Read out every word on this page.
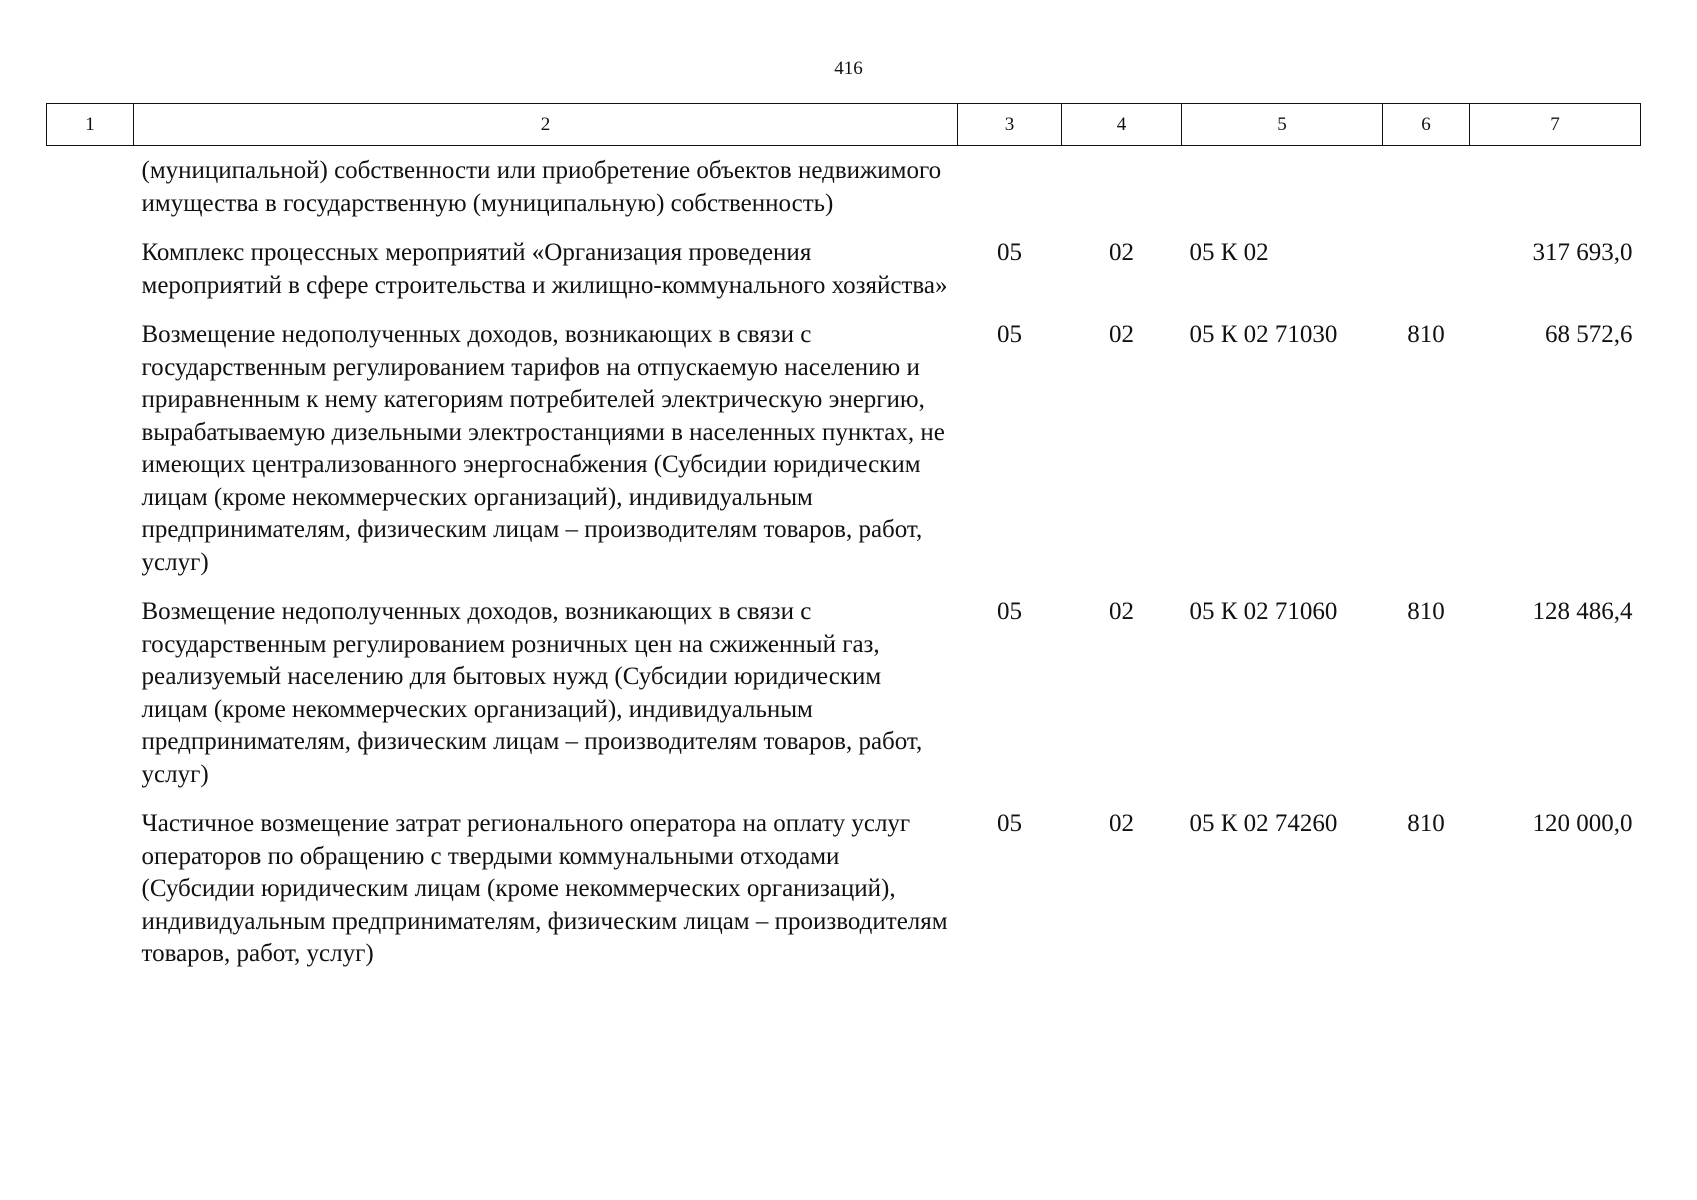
416
1	2	3	4	5	6	7
	(муниципальной) собственности или приобретение объектов недвижимого имущества в государственную (муниципальную) собственность)					
	Комплекс процессных мероприятий «Организация проведения мероприятий в сфере строительства и жилищно-коммунального хозяйства»	05	02	05 К 02		317 693,0
	Возмещение недополученных доходов, возникающих в связи с государственным регулированием тарифов на отпускаемую населению и приравненным к нему категориям потребителей электрическую энергию, вырабатываемую дизельными электростанциями в населенных пунктах, не имеющих централизованного энергоснабжения (Субсидии юридическим лицам (кроме некоммерческих организаций), индивидуальным предпринимателям, физическим лицам – производителям товаров, работ, услуг)	05	02	05 К 02 71030	810	68 572,6
	Возмещение недополученных доходов, возникающих в связи с государственным регулированием розничных цен на сжиженный газ, реализуемый населению для бытовых нужд (Субсидии юридическим лицам (кроме некоммерческих организаций), индивидуальным предпринимателям, физическим лицам – производителям товаров, работ, услуг)	05	02	05 К 02 71060	810	128 486,4
	Частичное возмещение затрат регионального оператора на оплату услуг операторов по обращению с твердыми коммунальными отходами (Субсидии юридическим лицам (кроме некоммерческих организаций), индивидуальным предпринимателям, физическим лицам – производителям товаров, работ, услуг)	05	02	05 К 02 74260	810	120 000,0
